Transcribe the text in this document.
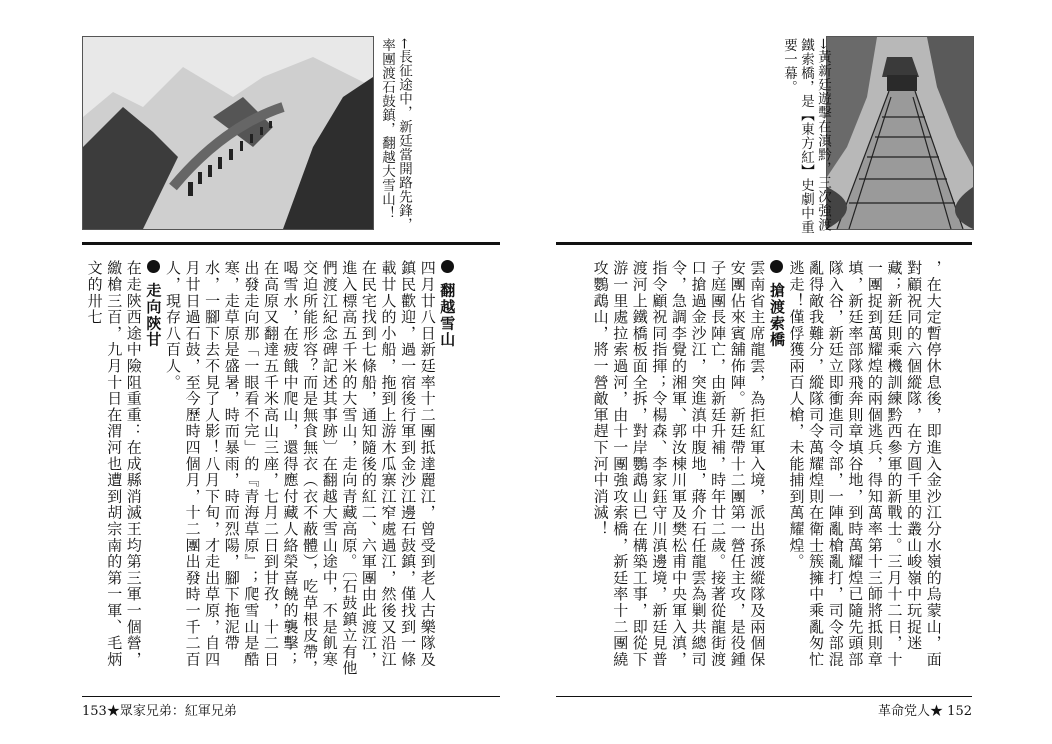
→黃新廷遊擊在滇黔，三次強渡鐵索橋，是【東方紅】史劇中重要一幕。
←長征途中，新廷當開路先鋒，率團渡石鼓鎮，翻越大雪山！
，在大定暫停休息後，即進入金沙江分水嶺的烏蒙山，面對顧祝同的六個縱隊，在方圓千里的叢山峻嶺中玩捉迷藏；新廷則乘機訓練黔西參軍的新戰士。三月十二日，十一團捉到萬耀煌的兩個逃兵，得知萬率第十三師將抵則章填，新廷率部隊飛奔則章填谷地，到時萬耀煌已隨先頭部隊入谷，新廷立即衝進司令部，一陣亂槍亂打，司令部混亂得敵我難分，縱隊司令萬耀煌則在衛士簇擁中乘亂匆忙逃走！僅俘獲兩百人槍，未能捕到萬耀煌。
搶渡索橋
雲南省主席龍雲，為拒紅軍入境，派出孫渡縱隊及兩個保安團佔來賓舖佈陣。新廷帶十二團第一營任主攻，是役鍾子庭團長陣亡，由新廷升補，時年廿二歲。接著從龍街渡口搶過金沙江，突進滇中腹地，蔣介石任龍雲為剿共總司令，急調李覺的湘軍、郭汝棟川軍及樊松甫中央軍入滇，指令顧祝同指揮；令楊森、李家鈺守川滇邊境，新廷見普渡河上鐵橋板面全拆，對岸鸚鵡山已在構築工事，即從下游一里處拉索過河，由十一團強攻索橋，新廷率十二團繞攻鸚鵡山，將一營敵軍趕下河中消滅！
翻越雪山
四月廿八日新廷率十二團抵達麗江，曾受到老人古樂隊及鎮民歡迎，過一宿後行軍到金沙江邊石鼓鎮，僅找到一條載廿人的小船，拖到上游木瓜寨江窄處過江，然後又沿江在民宅找到七條船，通知隨後的紅二、六軍團由此渡江，進入標高五千米的大雪山，走向青藏高原。〔石鼓鎮立有他們渡江紀念碑記述其事跡〕在翻越大雪山途中，不是飢寒交迫所能形容？而是無食無衣（衣不蔽體），吃草根皮帶，喝雪水，在疲餓中爬山，還得應付藏人絡榮喜饒的襲擊；在高原又翻達五千米高山三座，七月二日到甘孜，十二日出發走向那「一眼看不完」的『青海草原』；爬雪山是酷寒，走草原是盛暑，時而暴雨，時而烈陽，腳下拖泥帶水，一腳下去不見了人影！八月下旬，才走出草原，自四月廿日過石鼓，至今歷時四個月，十二團出發時一千二百人，現存八百人。
走向陝甘
在走陝西途中險阻重重：在成縣消滅王均第三軍一個營，繳槍三百，九月十日在渭河也遭到胡宗南的第一軍、毛炳文的卅七
153★眾家兄弟：紅軍兄弟	革命党人★ 152
